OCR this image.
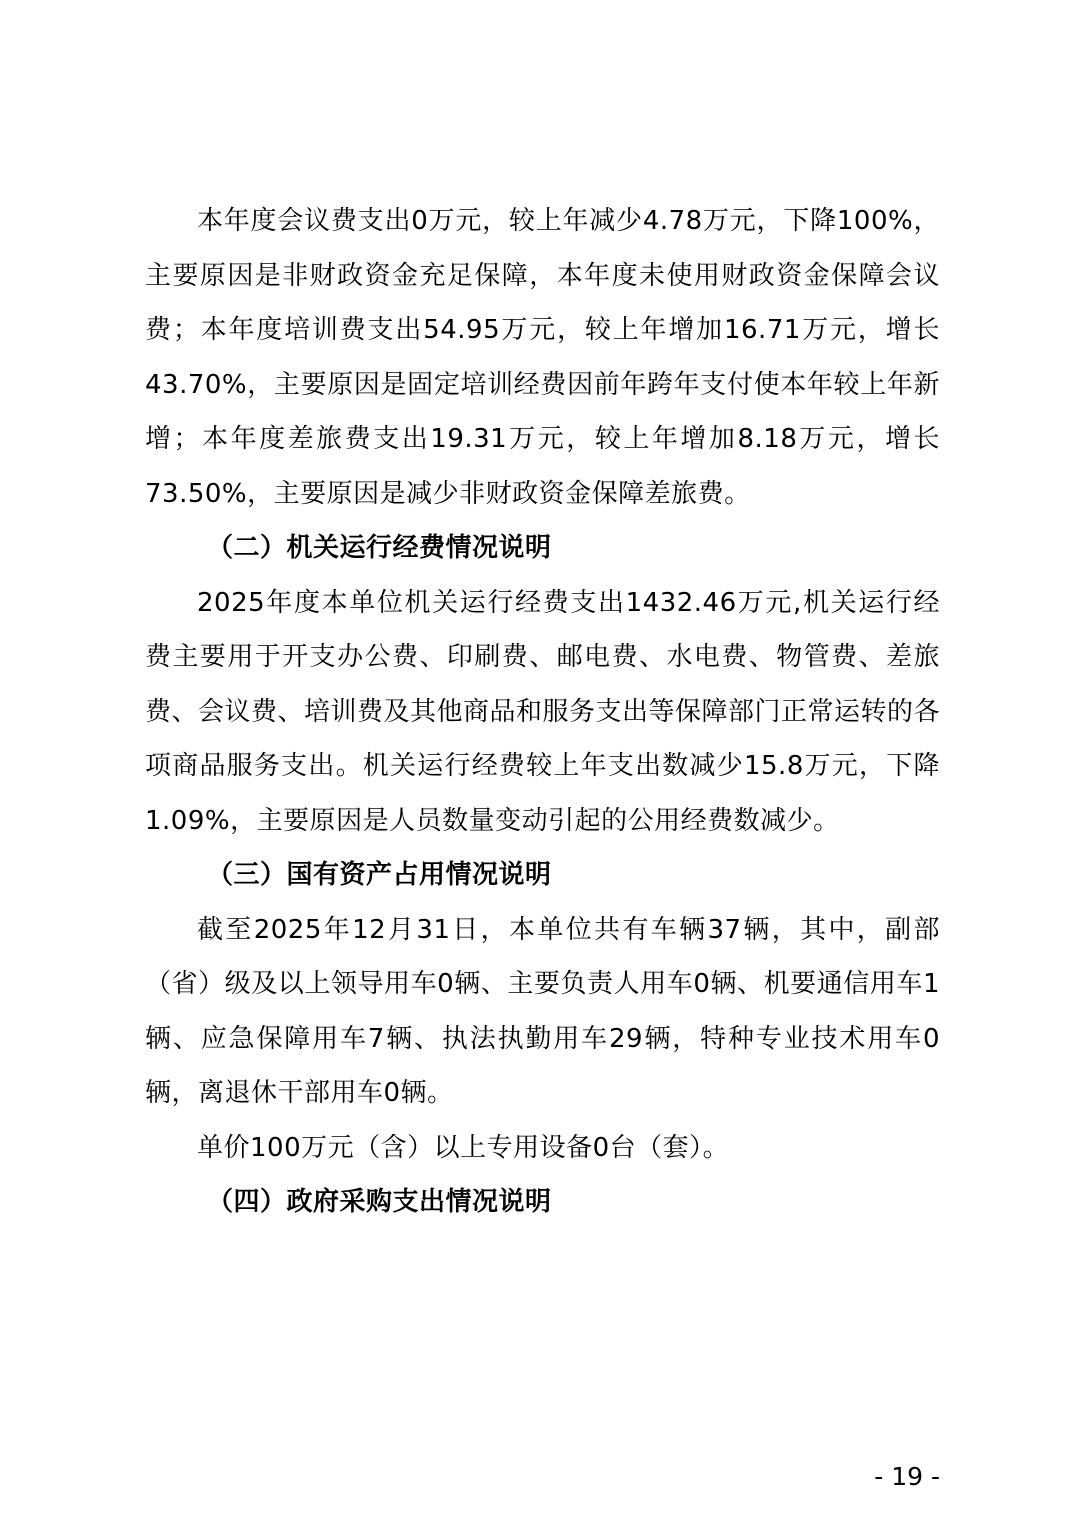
本年度会议费支出0万元，较上年减少4.78万元，下降100%，主要原因是非财政资金充足保障，本年度未使用财政资金保障会议费；本年度培训费支出54.95万元，较上年增加16.71万元，增长43.70%，主要原因是固定培训经费因前年跨年支付使本年较上年新增；本年度差旅费支出19.31万元，较上年增加8.18万元，增长73.50%，主要原因是减少非财政资金保障差旅费。

（二）机关运行经费情况说明

2025年度本单位机关运行经费支出1432.46万元,机关运行经费主要用于开支办公费、印刷费、邮电费、水电费、物管费、差旅费、会议费、培训费及其他商品和服务支出等保障部门正常运转的各项商品服务支出。机关运行经费较上年支出数减少15.8万元，下降1.09%，主要原因是人员数量变动引起的公用经费数减少。

（三）国有资产占用情况说明

截至2025年12月31日，本单位共有车辆37辆，其中，副部（省）级及以上领导用车0辆、主要负责人用车0辆、机要通信用车1辆、应急保障用车7辆、执法执勤用车29辆，特种专业技术用车0辆，离退休干部用车0辆。

单价100万元（含）以上专用设备0台（套）。

（四）政府采购支出情况说明

- 19 -
